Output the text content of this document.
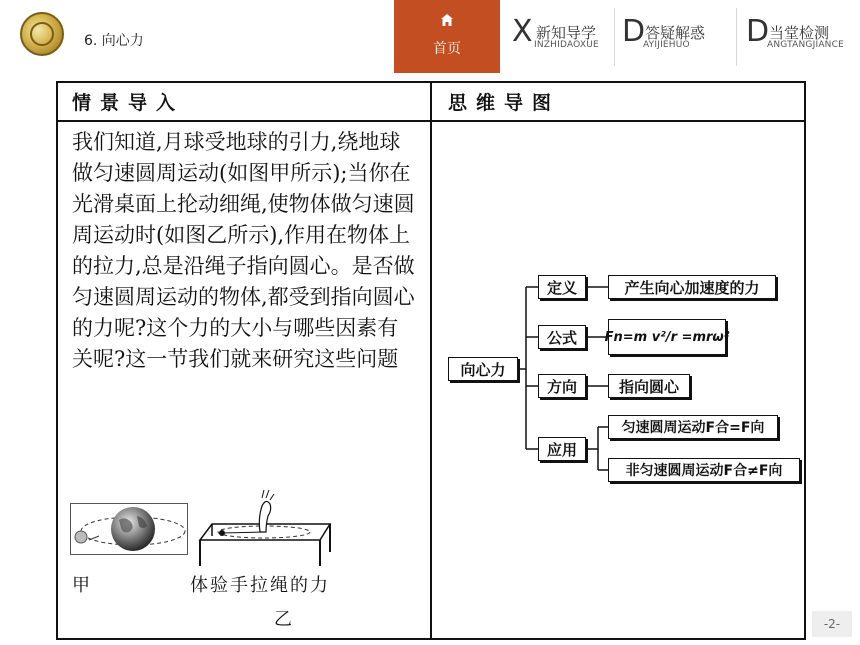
6. 向心力	首页	X 新知导学
INZHIDAOXUE D 答疑解惑
AYIJIEHUO D 当堂检测
ANGTANGJIANCE
情景导入	思维导图
我们知道,月球受地球的引力,绕地球做匀速圆周运动(如图甲所示);当你在光滑桌面上抡动细绳,使物体做匀速圆周运动时(如图乙所示),作用在物体上的拉力,总是沿绳子指向圆心。是否做匀速圆周运动的物体,都受到指向圆心的力呢?这个力的大小与哪些因素有关呢?这一节我们就来研究这些问题
甲	体验手拉绳的力
乙
向心力
定义	产生向心加速度的力
公式	Fn=m v²/r =mrω²
方向	指向圆心
应用
匀速圆周运动F合=F向
非匀速圆周运动F合≠F向
-2-
